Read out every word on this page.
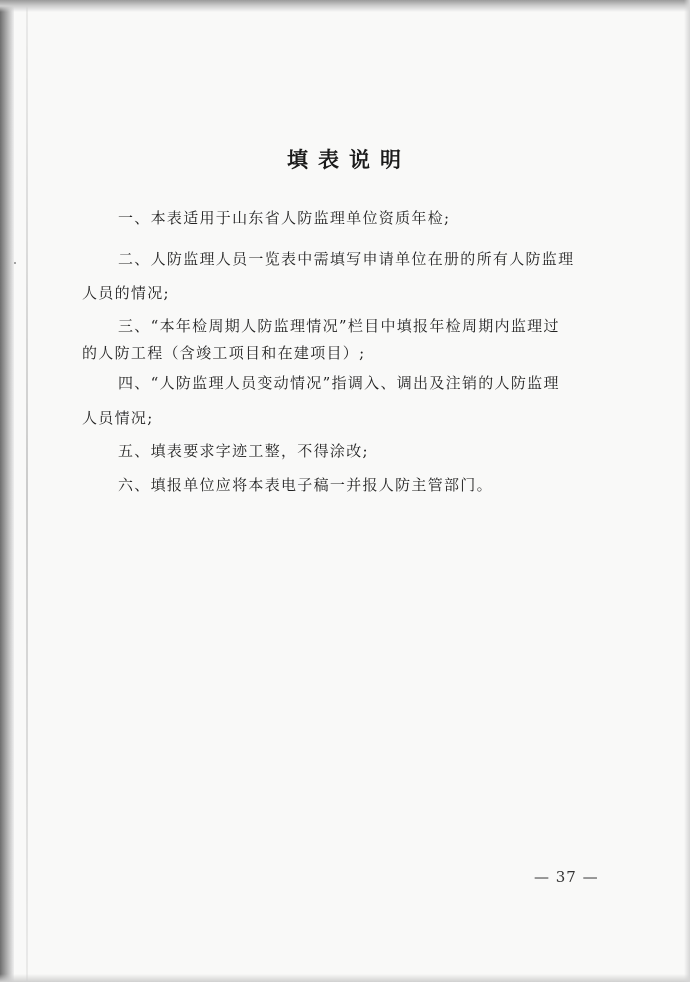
填表说明
一、本表适用于山东省人防监理单位资质年检;
二、人防监理人员一览表中需填写申请单位在册的所有人防监理
人员的情况;
三、“本年检周期人防监理情况”栏目中填报年检周期内监理过
的人防工程（含竣工项目和在建项目）;
四、“人防监理人员变动情况”指调入、调出及注销的人防监理
人员情况;
五、填表要求字迹工整，不得涂改;
六、填报单位应将本表电子稿一并报人防主管部门。
— 37 —
